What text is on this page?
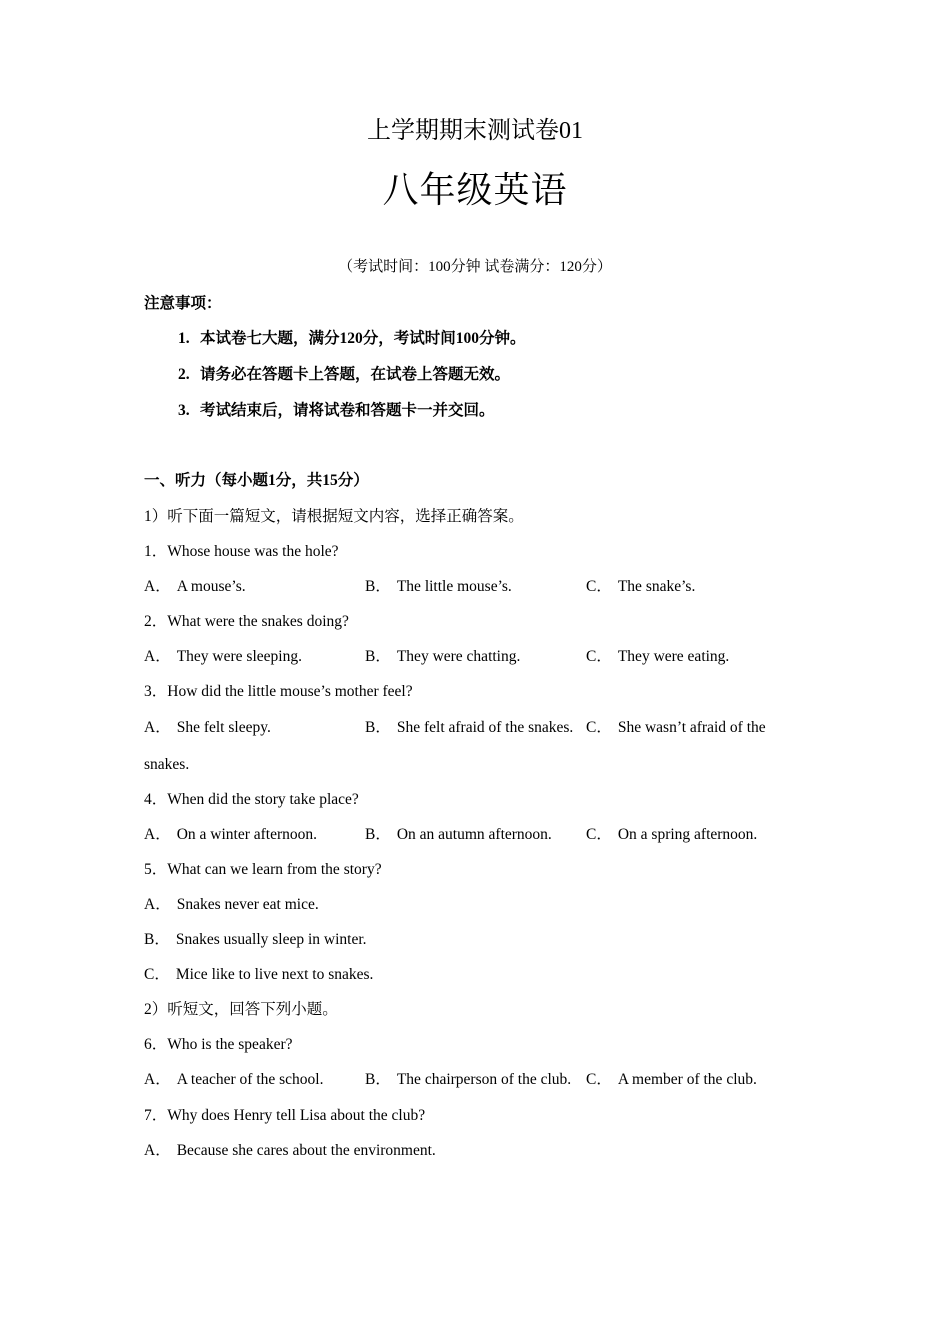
上学期期末测试卷01
八年级英语
（考试时间：100分钟 试卷满分：120分）
注意事项：
1. 本试卷七大题，满分120分，考试时间100分钟。
2. 请务必在答题卡上答题，在试卷上答题无效。
3. 考试结束后，请将试卷和答题卡一并交回。
一、听力（每小题1分，共15分）
1）听下面一篇短文，请根据短文内容，选择正确答案。
1．Whose house was the hole?
A． A mouse’s.	B． The little mouse’s.	C． The snake’s.
2．What were the snakes doing?
A． They were sleeping.	B． They were chatting.	C． They were eating.
3．How did the little mouse’s mother feel?
A． She felt sleepy.	B． She felt afraid of the snakes. C． She wasn’t afraid of the
snakes.
4．When did the story take place?
A． On a winter afternoon.	B． On an autumn afternoon. C． On a spring afternoon.
5．What can we learn from the story?
A． Snakes never eat mice.
B． Snakes usually sleep in winter.
C． Mice like to live next to snakes.
2）听短文，回答下列小题。
6．Who is the speaker?
A． A teacher of the school.	B． The chairperson of the club. C． A member of the club.
7．Why does Henry tell Lisa about the club?
A． Because she cares about the environment.
